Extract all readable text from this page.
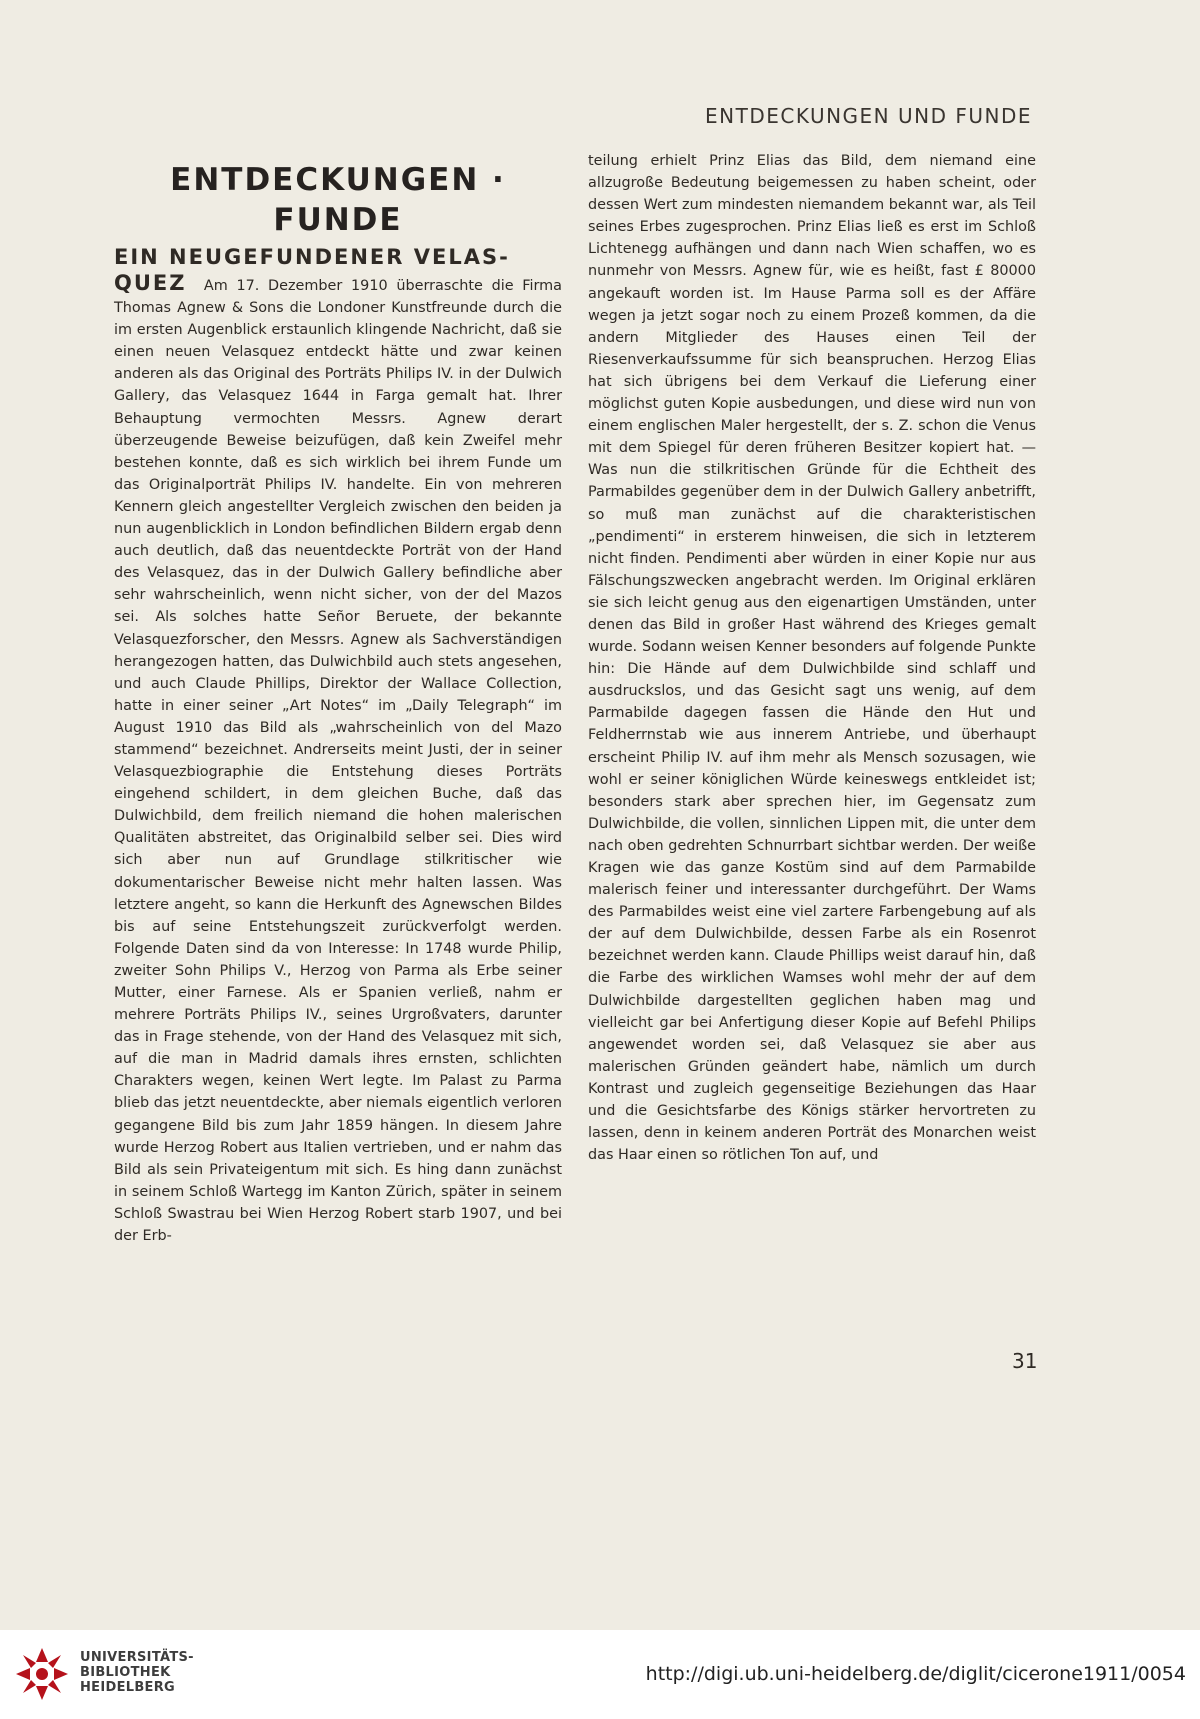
ENTDECKUNGEN UND FUNDE
ENTDECKUNGEN · FUNDE
EIN NEUGEFUNDENER VELAS-

QUEZ Am 17. Dezember 1910 überraschte die Firma Thomas Agnew & Sons die Londoner Kunstfreunde durch die im ersten Augenblick erstaunlich klingende Nachricht, daß sie einen neuen Velasquez entdeckt hätte und zwar keinen anderen als das Original des Porträts Philips IV. in der Dulwich Gallery, das Velasquez 1644 in Farga gemalt hat. Ihrer Behauptung vermochten Messrs. Agnew derart überzeugende Beweise beizufügen, daß kein Zweifel mehr bestehen konnte, daß es sich wirklich bei ihrem Funde um das Originalporträt Philips IV. handelte. Ein von mehreren Kennern gleich angestellter Vergleich zwischen den beiden ja nun augenblicklich in London befindlichen Bildern ergab denn auch deutlich, daß das neuentdeckte Porträt von der Hand des Velasquez, das in der Dulwich Gallery befindliche aber sehr wahrscheinlich, wenn nicht sicher, von der del Mazos sei. Als solches hatte Señor Beruete, der bekannte Velasquezforscher, den Messrs. Agnew als Sachverständigen herangezogen hatten, das Dulwichbild auch stets angesehen, und auch Claude Phillips, Direktor der Wallace Collection, hatte in einer seiner „Art Notes“ im „Daily Telegraph“ im August 1910 das Bild als „wahrscheinlich von del Mazo stammend“ bezeichnet. Andrerseits meint Justi, der in seiner Velasquezbiographie die Entstehung dieses Porträts eingehend schildert, in dem gleichen Buche, daß das Dulwichbild, dem freilich niemand die hohen malerischen Qualitäten abstreitet, das Originalbild selber sei. Dies wird sich aber nun auf Grundlage stilkritischer wie dokumentarischer Beweise nicht mehr halten lassen. Was letztere angeht, so kann die Herkunft des Agnewschen Bildes bis auf seine Entstehungszeit zurückverfolgt werden. Folgende Daten sind da von Interesse: In 1748 wurde Philip, zweiter Sohn Philips V., Herzog von Parma als Erbe seiner Mutter, einer Farnese. Als er Spanien verließ, nahm er mehrere Porträts Philips IV., seines Urgroßvaters, darunter das in Frage stehende, von der Hand des Velasquez mit sich, auf die man in Madrid damals ihres ernsten, schlichten Charakters wegen, keinen Wert legte. Im Palast zu Parma blieb das jetzt neuentdeckte, aber niemals eigentlich verloren gegangene Bild bis zum Jahr 1859 hängen. In diesem Jahre wurde Herzog Robert aus Italien vertrieben, und er nahm das Bild als sein Privateigentum mit sich. Es hing dann zunächst in seinem Schloß Wartegg im Kanton Zürich, später in seinem Schloß Swastrau bei Wien Herzog Robert starb 1907, und bei der Erb-

teilung erhielt Prinz Elias das Bild, dem niemand eine allzugroße Bedeutung beigemessen zu haben scheint, oder dessen Wert zum mindesten niemandem bekannt war, als Teil seines Erbes zugesprochen. Prinz Elias ließ es erst im Schloß Lichtenegg aufhängen und dann nach Wien schaffen, wo es nunmehr von Messrs. Agnew für, wie es heißt, fast £ 80000 angekauft worden ist. Im Hause Parma soll es der Affäre wegen ja jetzt sogar noch zu einem Prozeß kommen, da die andern Mitglieder des Hauses einen Teil der Riesenverkaufssumme für sich beanspruchen. Herzog Elias hat sich übrigens bei dem Verkauf die Lieferung einer möglichst guten Kopie ausbedungen, und diese wird nun von einem englischen Maler hergestellt, der s. Z. schon die Venus mit dem Spiegel für deren früheren Besitzer kopiert hat. — Was nun die stilkritischen Gründe für die Echtheit des Parmabildes gegenüber dem in der Dulwich Gallery anbetrifft, so muß man zunächst auf die charakteristischen „pendimenti“ in ersterem hinweisen, die sich in letzterem nicht finden. Pendimenti aber würden in einer Kopie nur aus Fälschungszwecken angebracht werden. Im Original erklären sie sich leicht genug aus den eigenartigen Umständen, unter denen das Bild in großer Hast während des Krieges gemalt wurde. Sodann weisen Kenner besonders auf folgende Punkte hin: Die Hände auf dem Dulwichbilde sind schlaff und ausdruckslos, und das Gesicht sagt uns wenig, auf dem Parmabilde dagegen fassen die Hände den Hut und Feldherrnstab wie aus innerem Antriebe, und überhaupt erscheint Philip IV. auf ihm mehr als Mensch sozusagen, wie wohl er seiner königlichen Würde keineswegs entkleidet ist; besonders stark aber sprechen hier, im Gegensatz zum Dulwichbilde, die vollen, sinnlichen Lippen mit, die unter dem nach oben gedrehten Schnurrbart sichtbar werden. Der weiße Kragen wie das ganze Kostüm sind auf dem Parmabilde malerisch feiner und interessanter durchgeführt. Der Wams des Parmabildes weist eine viel zartere Farbengebung auf als der auf dem Dulwichbilde, dessen Farbe als ein Rosenrot bezeichnet werden kann. Claude Phillips weist darauf hin, daß die Farbe des wirklichen Wamses wohl mehr der auf dem Dulwichbilde dargestellten geglichen haben mag und vielleicht gar bei Anfertigung dieser Kopie auf Befehl Philips angewendet worden sei, daß Velasquez sie aber aus malerischen Gründen geändert habe, nämlich um durch Kontrast und zugleich gegenseitige Beziehungen das Haar und die Gesichtsfarbe des Königs stärker hervortreten zu lassen, denn in keinem anderen Porträt des Monarchen weist das Haar einen so rötlichen Ton auf, und

31
UNIVERSITÄTS-
BIBLIOTHEK
HEIDELBERG
http://digi.ub.uni-heidelberg.de/diglit/cicerone1911/0054
